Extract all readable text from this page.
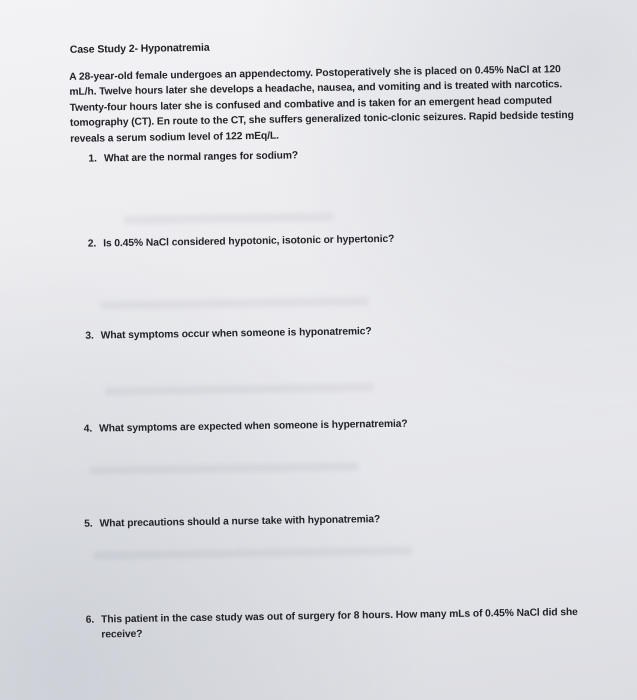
Case Study 2- Hyponatremia

A 28-year-old female undergoes an appendectomy. Postoperatively she is placed on 0.45% NaCl at 120 mL/h. Twelve hours later she develops a headache, nausea, and vomiting and is treated with narcotics. Twenty-four hours later she is confused and combative and is taken for an emergent head computed tomography (CT). En route to the CT, she suffers generalized tonic-clonic seizures. Rapid bedside testing reveals a serum sodium level of 122 mEq/L.

1. What are the normal ranges for sodium?
2. Is 0.45% NaCl considered hypotonic, isotonic or hypertonic?
3. What symptoms occur when someone is hyponatremic?
4. What symptoms are expected when someone is hypernatremia?
5. What precautions should a nurse take with hyponatremia?
6. This patient in the case study was out of surgery for 8 hours. How many mLs of 0.45% NaCl did she receive?
